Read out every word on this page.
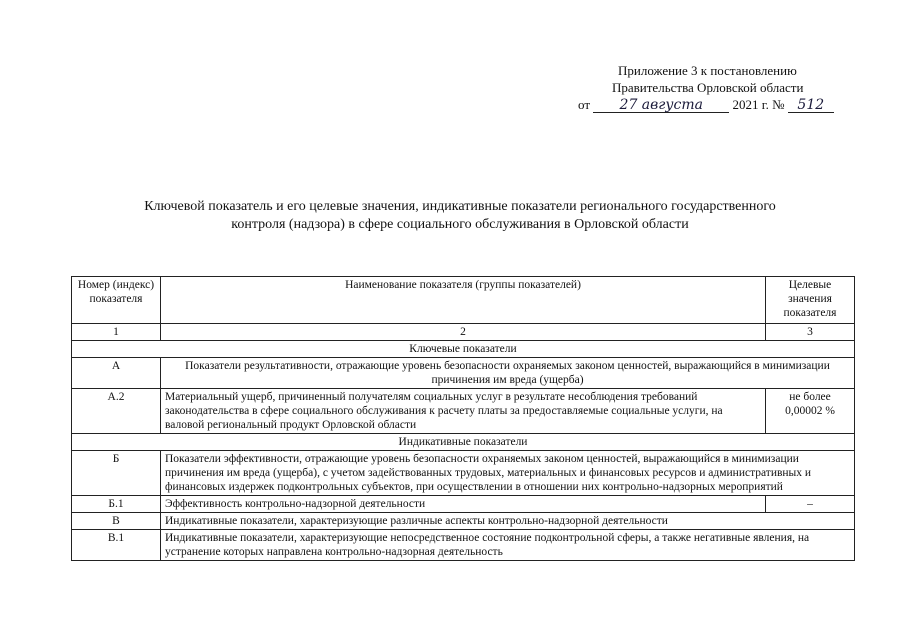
Приложение 3 к постановлению
Правительства Орловской области
от 27 августа 2021 г. № 512
Ключевой показатель и его целевые значения, индикативные показатели регионального государственного
контроля (надзора) в сфере социального обслуживания в Орловской области
Номер (индекс) показателя	Наименование показателя (группы показателей)	Целевые значения показателя
1	2	3
Ключевые показатели		
А	Показатели результативности, отражающие уровень безопасности охраняемых законом ценностей, выражающийся в минимизации причинения им вреда (ущерба)	
А.2	Материальный ущерб, причиненный получателям социальных услуг в результате несоблюдения требований законодательства в сфере социального обслуживания к расчету платы за предоставляемые социальные услуги, на валовой региональный продукт Орловской области	не более 0,00002 %
Индикативные показатели		
Б	Показатели эффективности, отражающие уровень безопасности охраняемых законом ценностей, выражающийся в минимизации причинения им вреда (ущерба), с учетом задействованных трудовых, материальных и финансовых ресурсов и административных и финансовых издержек подконтрольных субъектов, при осуществлении в отношении них контрольно-надзорных мероприятий	
Б.1	Эффективность контрольно-надзорной деятельности	–
В	Индикативные показатели, характеризующие различные аспекты контрольно-надзорной деятельности	
В.1	Индикативные показатели, характеризующие непосредственное состояние подконтрольной сферы, а также негативные явления, на устранение которых направлена контрольно-надзорная деятельность	
